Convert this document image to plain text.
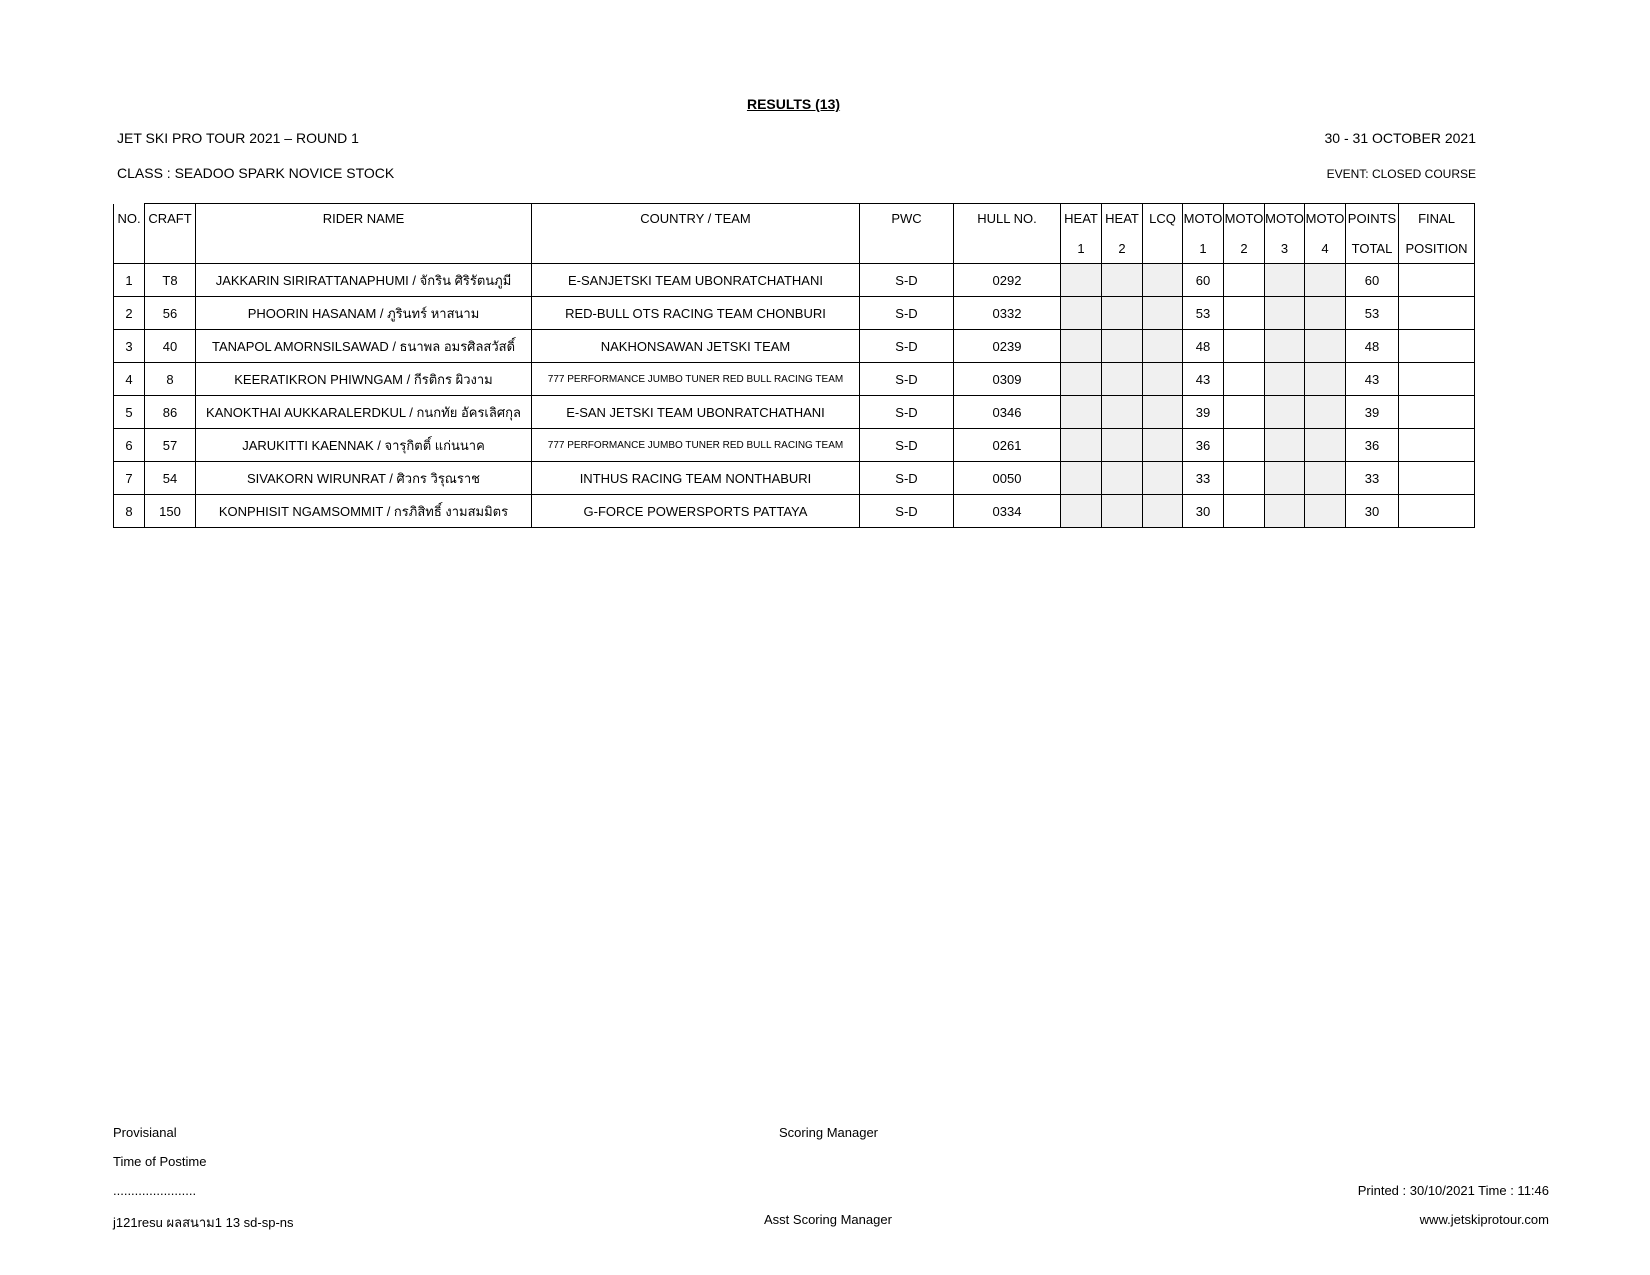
RESULTS (13)
JET SKI PRO TOUR 2021 – ROUND 1	30 - 31 OCTOBER 2021
CLASS : SEADOO SPARK NOVICE STOCK	EVENT: CLOSED COURSE
NO.	CRAFT	RIDER NAME	COUNTRY / TEAM	PWC	HULL NO.	HEAT	HEAT	LCQ	MOTO	MOTO	MOTO	MOTO	POINTS	FINAL
						1	2		1	2	3	4	TOTAL	POSITION
1	T8	JAKKARIN SIRIRATTANAPHUMI / จักริน ศิริรัตนภูมี	E-SANJETSKI TEAM UBONRATCHATHANI	S-D	0292				60				60	
2	56	PHOORIN HASANAM / ภูรินทร์ หาสนาม	RED-BULL OTS RACING TEAM CHONBURI	S-D	0332				53				53	
3	40	TANAPOL AMORNSILSAWAD / ธนาพล อมรศิลสวัสดิ์	NAKHONSAWAN JETSKI TEAM	S-D	0239				48				48	
4	8	KEERATIKRON PHIWNGAM / กีรติกร ผิวงาม	777 PERFORMANCE JUMBO TUNER RED BULL RACING TEAM	S-D	0309				43				43	
5	86	KANOKTHAI AUKKARALERDKUL / กนกทัย อัครเลิศกุล	E-SAN JETSKI TEAM UBONRATCHATHANI	S-D	0346				39				39	
6	57	JARUKITTI KAENNAK / จารุกิตติ์ แก่นนาค	777 PERFORMANCE JUMBO TUNER RED BULL RACING TEAM	S-D	0261				36				36	
7	54	SIVAKORN WIRUNRAT / ศิวกร วิรุณราช	INTHUS RACING TEAM NONTHABURI	S-D	0050				33				33	
8	150	KONPHISIT NGAMSOMMIT / กรภิสิทธิ์ งามสมมิตร	G-FORCE POWERSPORTS PATTAYA	S-D	0334				30				30	
Provisianal
Time of Postime
.......................
j121resu ผลสนาม1 13 sd-sp-ns
Scoring Manager
Asst Scoring Manager
Printed : 30/10/2021 Time : 11:46
www.jetskiprotour.com
